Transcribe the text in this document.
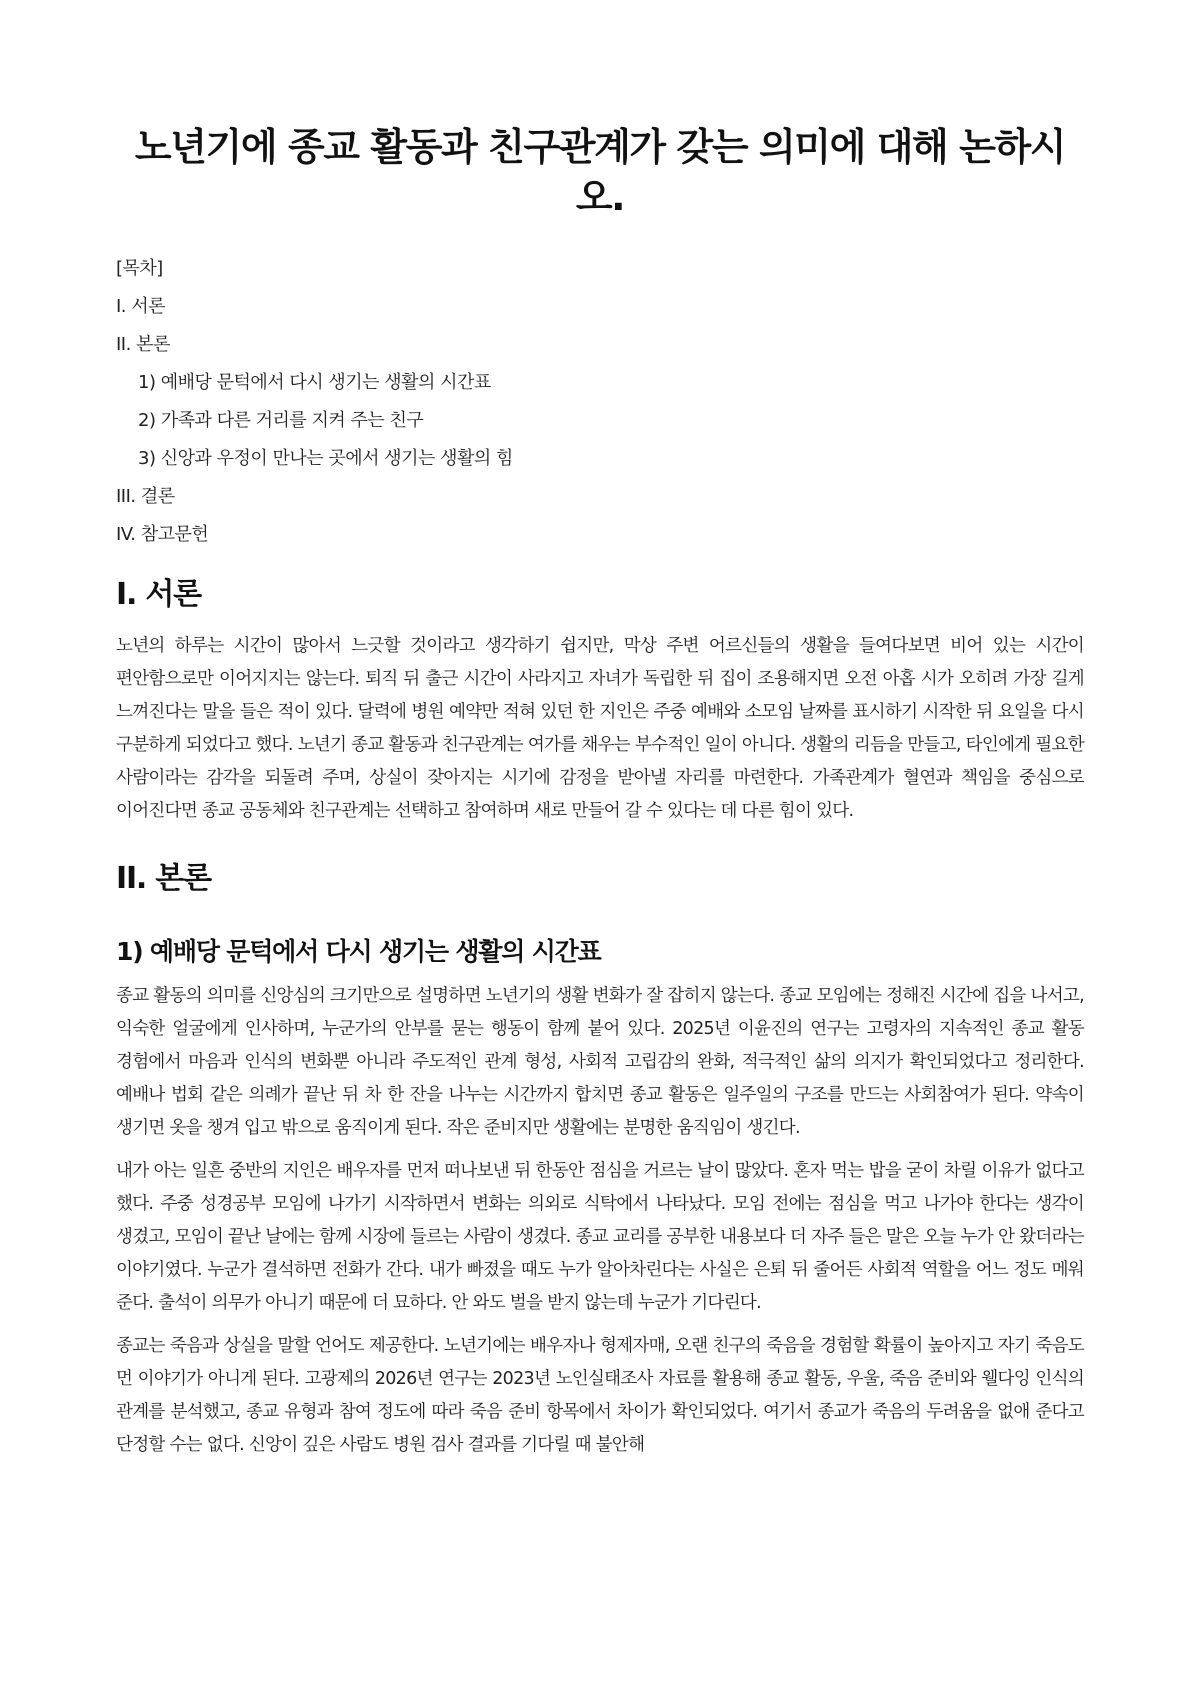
노년기에 종교 활동과 친구관계가 갖는 의미에 대해 논하시오.
[목차]
I. 서론
II. 본론
1) 예배당 문턱에서 다시 생기는 생활의 시간표
2) 가족과 다른 거리를 지켜 주는 친구
3) 신앙과 우정이 만나는 곳에서 생기는 생활의 힘
III. 결론
IV. 참고문헌
I. 서론

노년의 하루는 시간이 많아서 느긋할 것이라고 생각하기 쉽지만, 막상 주변 어르신들의 생활을 들여다보면 비어 있는 시간이 편안함으로만 이어지지는 않는다. 퇴직 뒤 출근 시간이 사라지고 자녀가 독립한 뒤 집이 조용해지면 오전 아홉 시가 오히려 가장 길게 느껴진다는 말을 들은 적이 있다. 달력에 병원 예약만 적혀 있던 한 지인은 주중 예배와 소모임 날짜를 표시하기 시작한 뒤 요일을 다시 구분하게 되었다고 했다. 노년기 종교 활동과 친구관계는 여가를 채우는 부수적인 일이 아니다. 생활의 리듬을 만들고, 타인에게 필요한 사람이라는 감각을 되돌려 주며, 상실이 잦아지는 시기에 감정을 받아낼 자리를 마련한다. 가족관계가 혈연과 책임을 중심으로 이어진다면 종교 공동체와 친구관계는 선택하고 참여하며 새로 만들어 갈 수 있다는 데 다른 힘이 있다.

II. 본론
1) 예배당 문턱에서 다시 생기는 생활의 시간표

종교 활동의 의미를 신앙심의 크기만으로 설명하면 노년기의 생활 변화가 잘 잡히지 않는다. 종교 모임에는 정해진 시간에 집을 나서고, 익숙한 얼굴에게 인사하며, 누군가의 안부를 묻는 행동이 함께 붙어 있다. 2025년 이윤진의 연구는 고령자의 지속적인 종교 활동 경험에서 마음과 인식의 변화뿐 아니라 주도적인 관계 형성, 사회적 고립감의 완화, 적극적인 삶의 의지가 확인되었다고 정리한다. 예배나 법회 같은 의례가 끝난 뒤 차 한 잔을 나누는 시간까지 합치면 종교 활동은 일주일의 구조를 만드는 사회참여가 된다. 약속이 생기면 옷을 챙겨 입고 밖으로 움직이게 된다. 작은 준비지만 생활에는 분명한 움직임이 생긴다.

내가 아는 일흔 중반의 지인은 배우자를 먼저 떠나보낸 뒤 한동안 점심을 거르는 날이 많았다. 혼자 먹는 밥을 굳이 차릴 이유가 없다고 했다. 주중 성경공부 모임에 나가기 시작하면서 변화는 의외로 식탁에서 나타났다. 모임 전에는 점심을 먹고 나가야 한다는 생각이 생겼고, 모임이 끝난 날에는 함께 시장에 들르는 사람이 생겼다. 종교 교리를 공부한 내용보다 더 자주 들은 말은 오늘 누가 안 왔더라는 이야기였다. 누군가 결석하면 전화가 간다. 내가 빠졌을 때도 누가 알아차린다는 사실은 은퇴 뒤 줄어든 사회적 역할을 어느 정도 메워 준다. 출석이 의무가 아니기 때문에 더 묘하다. 안 와도 벌을 받지 않는데 누군가 기다린다.

종교는 죽음과 상실을 말할 언어도 제공한다. 노년기에는 배우자나 형제자매, 오랜 친구의 죽음을 경험할 확률이 높아지고 자기 죽음도 먼 이야기가 아니게 된다. 고광제의 2026년 연구는 2023년 노인실태조사 자료를 활용해 종교 활동, 우울, 죽음 준비와 웰다잉 인식의 관계를 분석했고, 종교 유형과 참여 정도에 따라 죽음 준비 항목에서 차이가 확인되었다. 여기서 종교가 죽음의 두려움을 없애 준다고 단정할 수는 없다. 신앙이 깊은 사람도 병원 검사 결과를 기다릴 때 불안해
